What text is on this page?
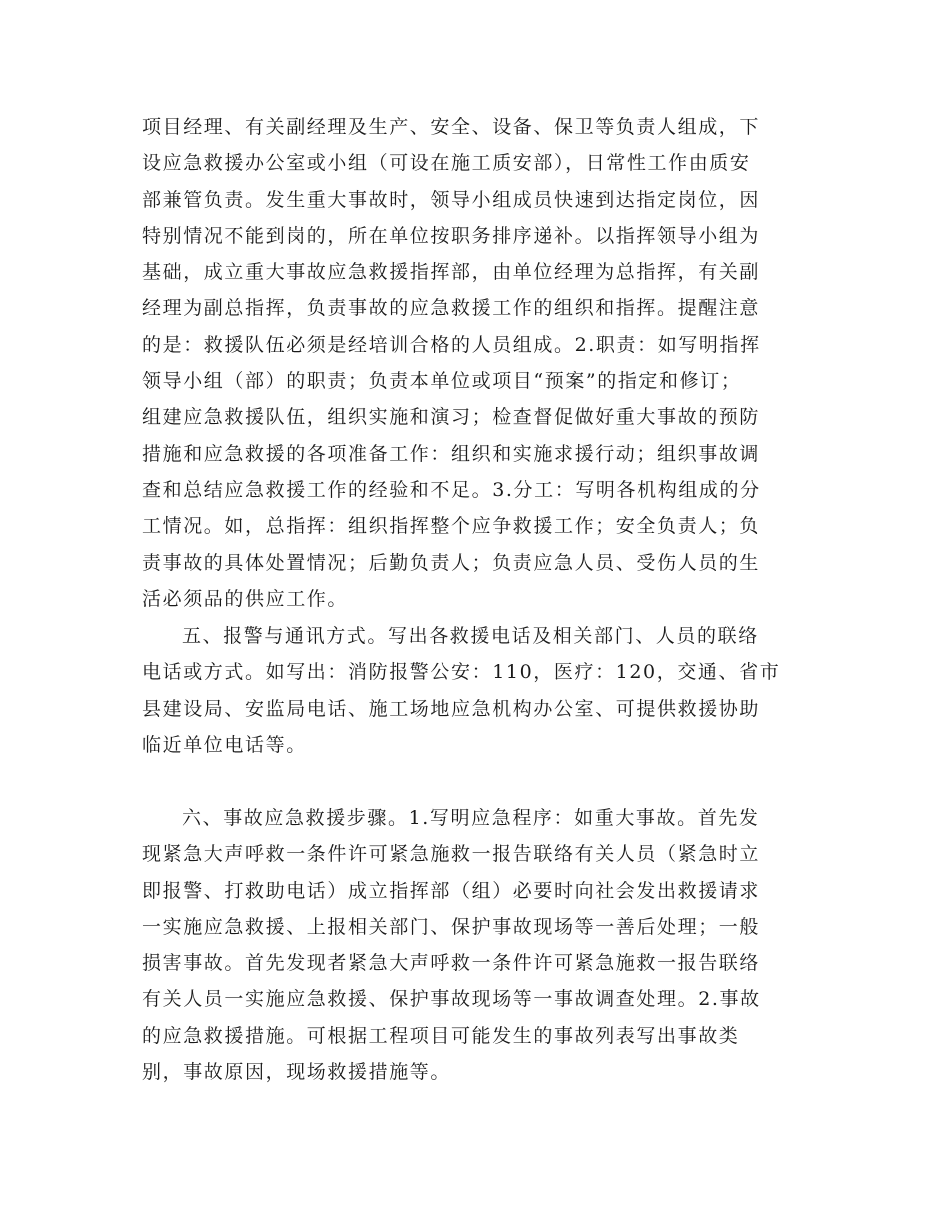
项目经理、有关副经理及生产、安全、设备、保卫等负责人组成，下
设应急救援办公室或小组（可设在施工质安部），日常性工作由质安
部兼管负责。发生重大事故时，领导小组成员快速到达指定岗位，因
特别情况不能到岗的，所在单位按职务排序递补。以指挥领导小组为
基础，成立重大事故应急救援指挥部，由单位经理为总指挥，有关副
经理为副总指挥，负责事故的应急救援工作的组织和指挥。提醒注意
的是：救援队伍必须是经培训合格的人员组成。2.职责：如写明指挥
领导小组（部）的职责；负责本单位或项目“预案”的指定和修订；
组建应急救援队伍，组织实施和演习；检查督促做好重大事故的预防
措施和应急救援的各项准备工作：组织和实施求援行动；组织事故调
查和总结应急救援工作的经验和不足。3.分工：写明各机构组成的分
工情况。如，总指挥：组织指挥整个应争救援工作；安全负责人；负
责事故的具体处置情况；后勤负责人；负责应急人员、受伤人员的生
活必须品的供应工作。
五、报警与通讯方式。写出各救援电话及相关部门、人员的联络
电话或方式。如写出：消防报警公安：110，医疗：120，交通、省市
县建设局、安监局电话、施工场地应急机构办公室、可提供救援协助
临近单位电话等。
六、事故应急救援步骤。1.写明应急程序：如重大事故。首先发
现紧急大声呼救一条件许可紧急施救一报告联络有关人员（紧急时立
即报警、打救助电话）成立指挥部（组）必要时向社会发出救援请求
一实施应急救援、上报相关部门、保护事故现场等一善后处理；一般
损害事故。首先发现者紧急大声呼救一条件许可紧急施救一报告联络
有关人员一实施应急救援、保护事故现场等一事故调查处理。2.事故
的应急救援措施。可根据工程项目可能发生的事故列表写出事故类
别，事故原因，现场救援措施等。
